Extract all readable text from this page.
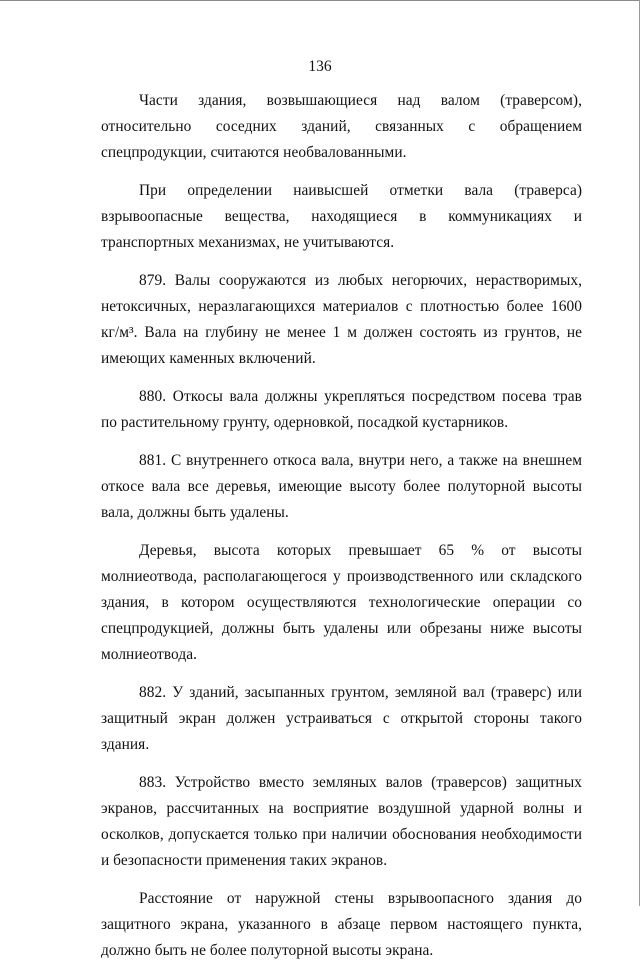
136

Части здания, возвышающиеся над валом (траверсом), относительно соседних зданий, связанных с обращением спецпродукции, считаются необвалованными.

При определении наивысшей отметки вала (траверса) взрывоопасные вещества, находящиеся в коммуникациях и транспортных механизмах, не учитываются.

879. Валы сооружаются из любых негорючих, нерастворимых, нетоксичных, неразлагающихся материалов с плотностью более 1600 кг/м³. Вала на глубину не менее 1 м должен состоять из грунтов, не имеющих каменных включений.

880. Откосы вала должны укрепляться посредством посева трав по растительному грунту, одерновкой, посадкой кустарников.

881. С внутреннего откоса вала, внутри него, а также на внешнем откосе вала все деревья, имеющие высоту более полуторной высоты вала, должны быть удалены.

Деревья, высота которых превышает 65 % от высоты молниеотвода, располагающегося у производственного или складского здания, в котором осуществляются технологические операции со спецпродукцией, должны быть удалены или обрезаны ниже высоты молниеотвода.

882. У зданий, засыпанных грунтом, земляной вал (траверс) или защитный экран должен устраиваться с открытой стороны такого здания.

883. Устройство вместо земляных валов (траверсов) защитных экранов, рассчитанных на восприятие воздушной ударной волны и осколков, допускается только при наличии обоснования необходимости и безопасности применения таких экранов.

Расстояние от наружной стены взрывоопасного здания до защитного экрана, указанного в абзаце первом настоящего пункта, должно быть не более полуторной высоты экрана.
